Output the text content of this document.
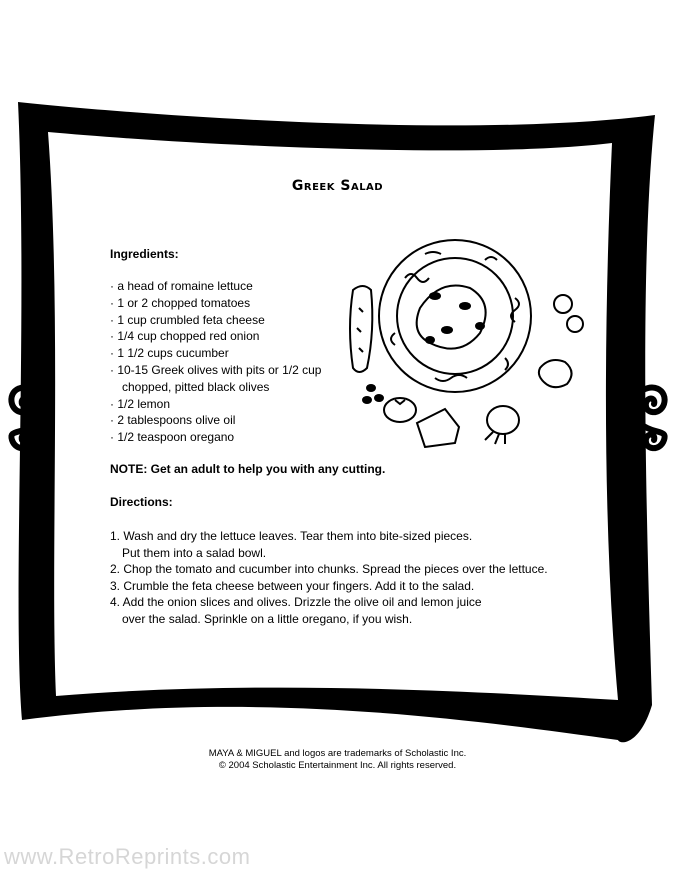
Greek Salad
Ingredients:
· a head of romaine lettuce
· 1 or 2 chopped tomatoes
· 1 cup crumbled feta cheese
· 1/4 cup chopped red onion
· 1 1/2 cups cucumber
· 10-15 Greek olives with pits or 1/2 cup
chopped, pitted black olives
· 1/2 lemon
· 2 tablespoons olive oil
· 1/2 teaspoon oregano
NOTE: Get an adult to help you with any cutting.
Directions:
1. Wash and dry the lettuce leaves. Tear them into bite-sized pieces.
Put them into a salad bowl.
2. Chop the tomato and cucumber into chunks. Spread the pieces over the lettuce.
3. Crumble the feta cheese between your fingers. Add it to the salad.
4. Add the onion slices and olives. Drizzle the olive oil and lemon juice
over the salad. Sprinkle on a little oregano, if you wish.
MAYA & MIGUEL and logos are trademarks of Scholastic Inc.
© 2004 Scholastic Entertainment Inc. All rights reserved.
www.RetroReprints.com
